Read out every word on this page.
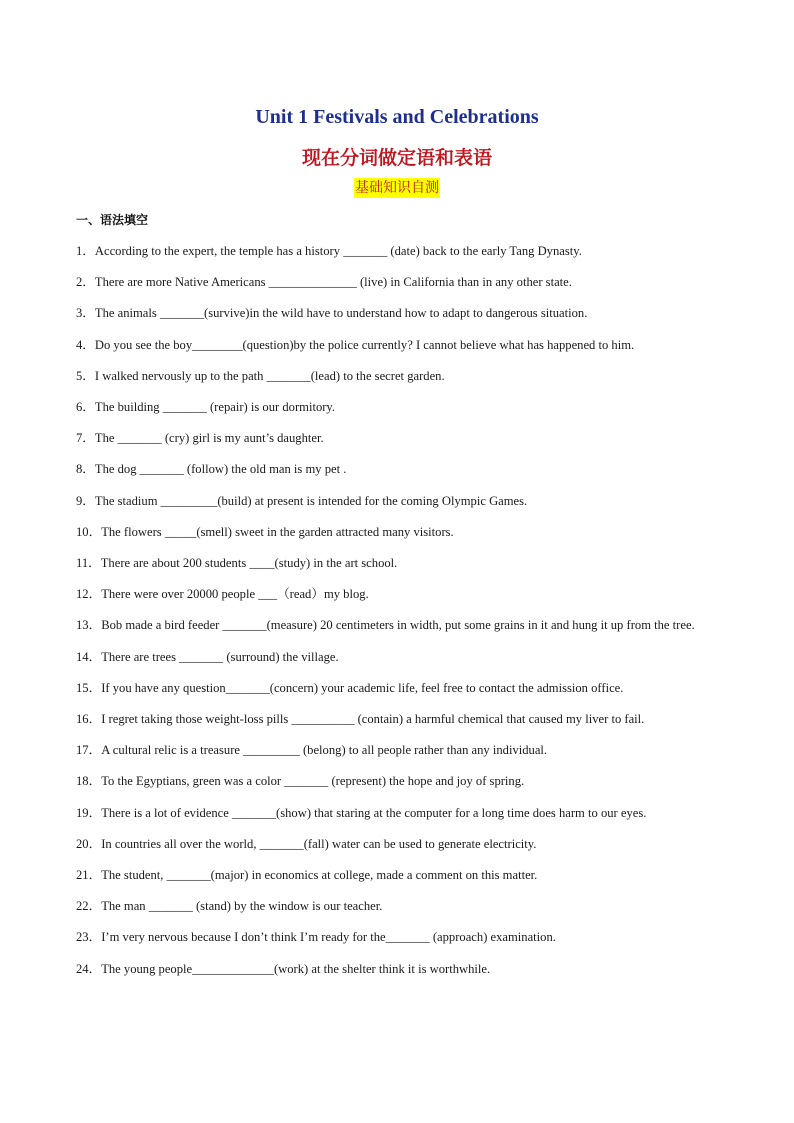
Unit 1 Festivals and Celebrations
现在分词做定语和表语
基础知识自测
一、语法填空
1．According to the expert, the temple has a history _______ (date) back to the early Tang Dynasty.
2．There are more Native Americans ______________ (live) in California than in any other state.
3．The animals _______(survive)in the wild have to understand how to adapt to dangerous situation.
4．Do you see the boy________(question)by the police currently? I cannot believe what has happened to him.
5．I walked nervously up to the path _______(lead) to the secret garden.
6．The building _______ (repair) is our dormitory.
7．The _______ (cry) girl is my aunt’s daughter.
8．The dog _______ (follow) the old man is my pet .
9．The stadium _________(build) at present is intended for the coming Olympic Games.
10．The flowers _____(smell) sweet in the garden attracted many visitors.
11．There are about 200 students ____(study) in the art school.
12．There were over 20000 people ___（read）my blog.
13．Bob made a bird feeder _______(measure) 20 centimeters in width, put some grains in it and hung it up from the tree.
14．There are trees _______ (surround) the village.
15．If you have any question_______(concern) your academic life, feel free to contact the admission office.
16．I regret taking those weight-loss pills __________ (contain) a harmful chemical that caused my liver to fail.
17．A cultural relic is a treasure _________ (belong) to all people rather than any individual.
18．To the Egyptians, green was a color _______ (represent) the hope and joy of spring.
19．There is a lot of evidence _______(show) that staring at the computer for a long time does harm to our eyes.
20．In countries all over the world, _______(fall) water can be used to generate electricity.
21．The student, _______(major) in economics at college, made a comment on this matter.
22．The man _______ (stand) by the window is our teacher.
23．I’m very nervous because I don’t think I’m ready for the_______ (approach) examination.
24．The young people_____________(work) at the shelter think it is worthwhile.
